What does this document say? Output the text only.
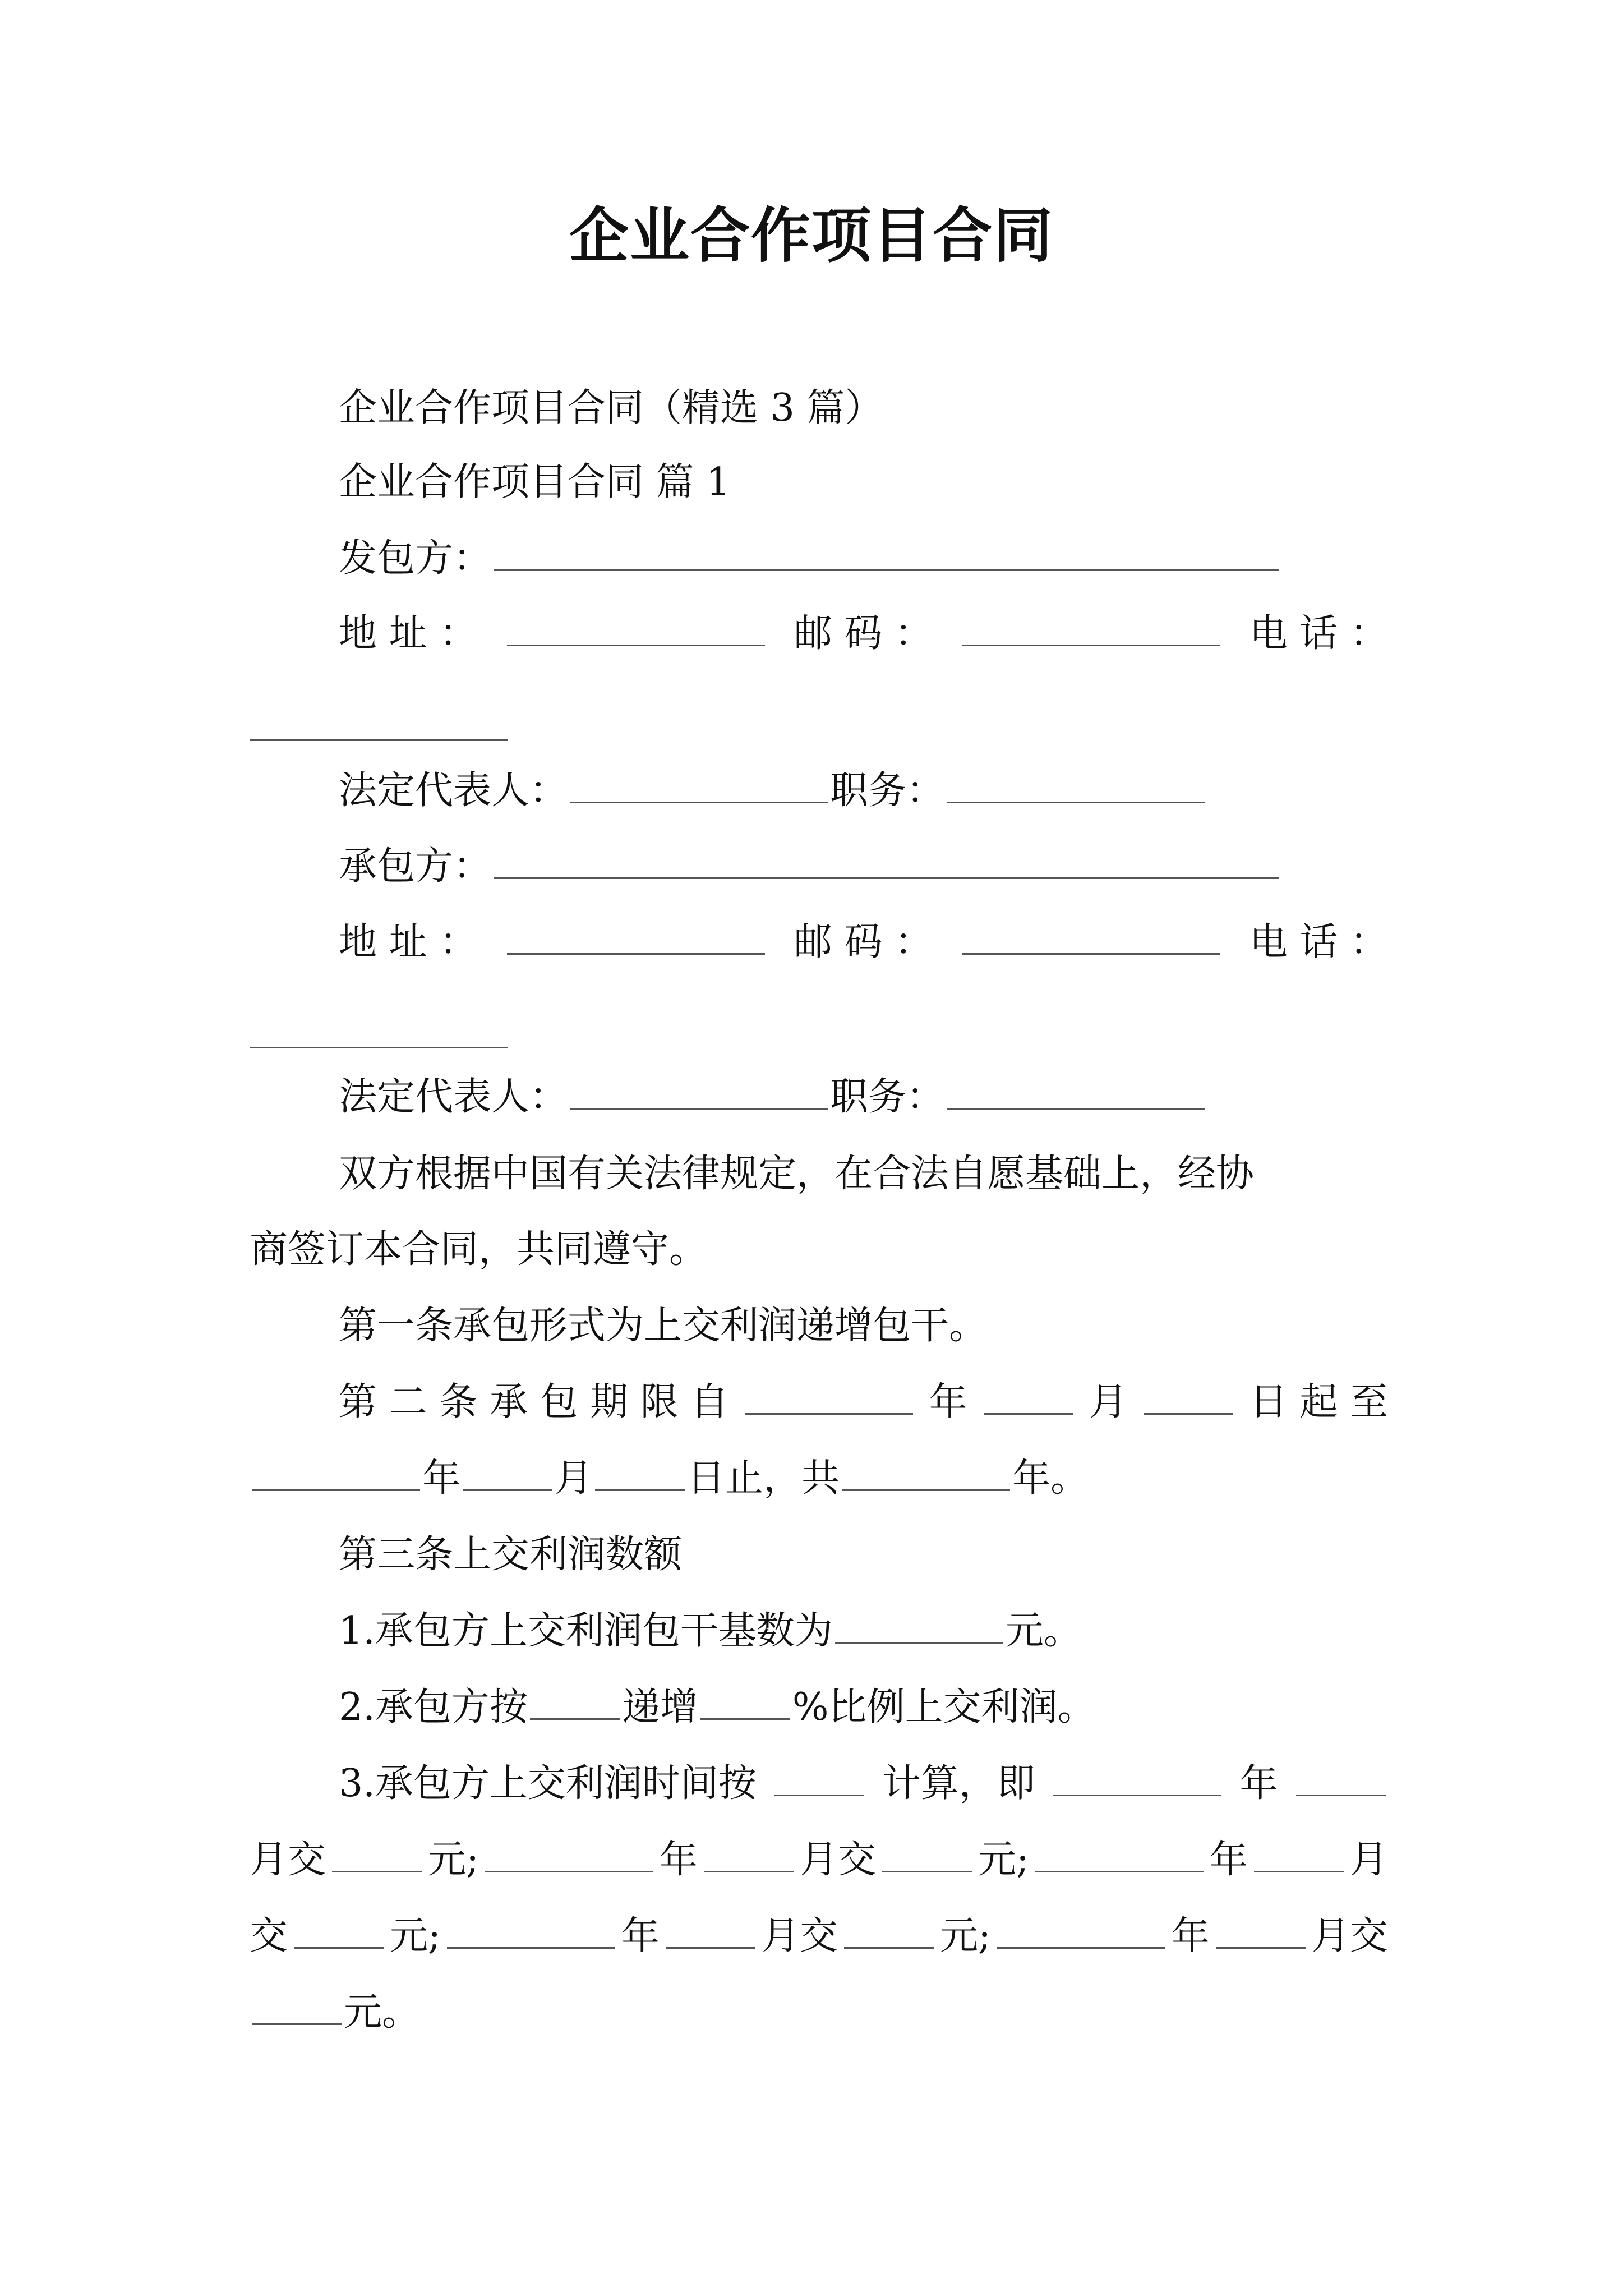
企业合作项目合同
企业合作项目合同（精选 3 篇）
企业合作项目合同 篇 1
发包方：
地 址 ：	邮 码 ：	电 话 ：
法定代表人：	职务：
承包方：
地 址 ：	邮 码 ：	电 话 ：
法定代表人：	职务：
双方根据中国有关法律规定，在合法自愿基础上，经协
商签订本合同，共同遵守。
第一条承包形式为上交利润递增包干。
第 二 条 承 包 期 限 自	年	月	日 起 至
年 月 日止，共	年。
第三条上交利润数额
1.承包方上交利润包干基数为	元。
2.承包方按 递增 %比例上交利润。
3.承包方上交利润时间按	计算，即	年
月交	元;	年	月交	元;	年	月
交	元;	年	月交	元;	年	月交
元。
